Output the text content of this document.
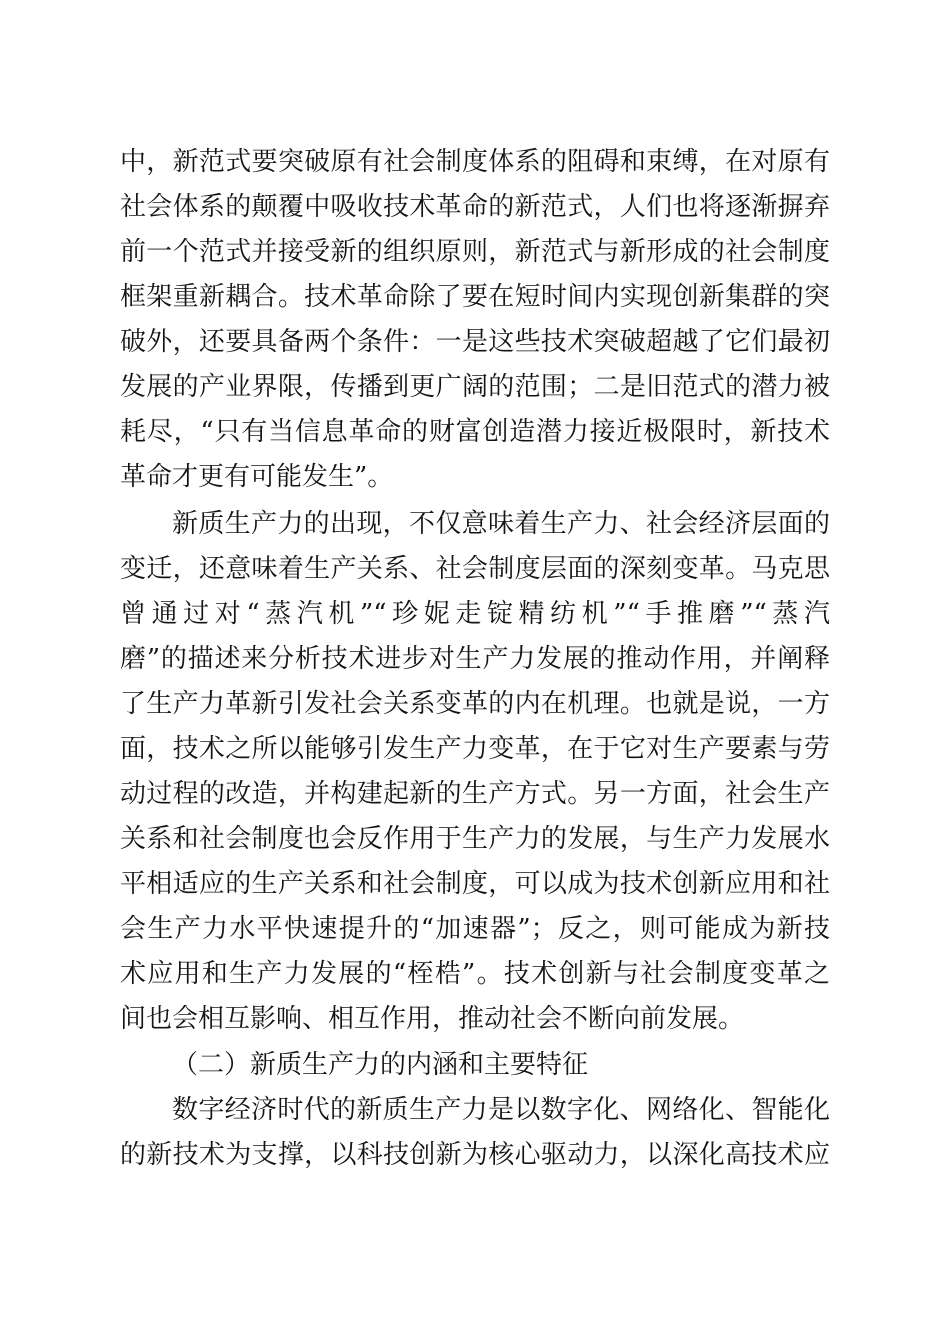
中，新范式要突破原有社会制度体系的阻碍和束缚，在对原有
社会体系的颠覆中吸收技术革命的新范式，人们也将逐渐摒弃
前一个范式并接受新的组织原则，新范式与新形成的社会制度
框架重新耦合。技术革命除了要在短时间内实现创新集群的突
破外，还要具备两个条件：一是这些技术突破超越了它们最初
发展的产业界限，传播到更广阔的范围；二是旧范式的潜力被
耗尽，“只有当信息革命的财富创造潜力接近极限时，新技术
革命才更有可能发生”。
新质生产力的出现，不仅意味着生产力、社会经济层面的
变迁，还意味着生产关系、社会制度层面的深刻变革。马克思
曾通过对“蒸汽机”“珍妮走锭精纺机”“手推磨”“蒸汽
磨”的描述来分析技术进步对生产力发展的推动作用，并阐释
了生产力革新引发社会关系变革的内在机理。也就是说，一方
面，技术之所以能够引发生产力变革，在于它对生产要素与劳
动过程的改造，并构建起新的生产方式。另一方面，社会生产
关系和社会制度也会反作用于生产力的发展，与生产力发展水
平相适应的生产关系和社会制度，可以成为技术创新应用和社
会生产力水平快速提升的“加速器”；反之，则可能成为新技
术应用和生产力发展的“桎梏”。技术创新与社会制度变革之
间也会相互影响、相互作用，推动社会不断向前发展。
（二）新质生产力的内涵和主要特征
数字经济时代的新质生产力是以数字化、网络化、智能化
的新技术为支撑，以科技创新为核心驱动力，以深化高技术应
